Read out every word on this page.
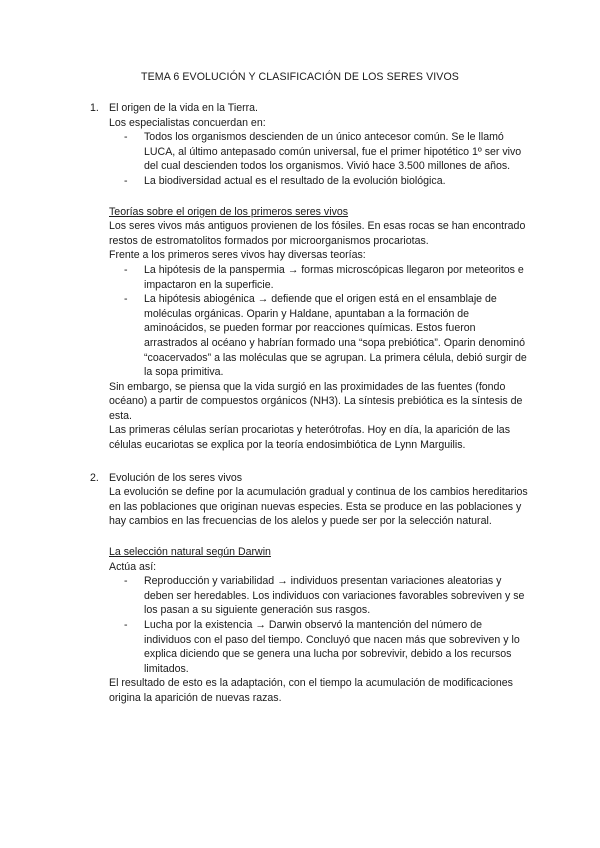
TEMA 6 EVOLUCIÓN Y CLASIFICACIÓN DE LOS SERES VIVOS
1. El origen de la vida en la Tierra.

Los especialistas concuerdan en:

- Todos los organismos descienden de un único antecesor común. Se le llamó LUCA, al último antepasado común universal, fue el primer hipotético 1º ser vivo del cual descienden todos los organismos. Vivió hace 3.500 millones de años.
- La biodiversidad actual es el resultado de la evolución biológica.

Teorías sobre el origen de los primeros seres vivos

Los seres vivos más antiguos provienen de los fósiles. En esas rocas se han encontrado restos de estromatolitos formados por microorganismos procariotas.

Frente a los primeros seres vivos hay diversas teorías:

- La hipótesis de la panspermia → formas microscópicas llegaron por meteoritos e impactaron en la superficie.
- La hipótesis abiogénica → defiende que el origen está en el ensamblaje de moléculas orgánicas. Oparin y Haldane, apuntaban a la formación de aminoácidos, se pueden formar por reacciones químicas. Estos fueron arrastrados al océano y habrían formado una “sopa prebiótica”. Oparin denominó “coacervados” a las moléculas que se agrupan. La primera célula, debió surgir de la sopa primitiva.

Sin embargo, se piensa que la vida surgió en las proximidades de las fuentes (fondo océano) a partir de compuestos orgánicos (NH3). La síntesis prebiótica es la síntesis de esta.

Las primeras células serían procariotas y heterótrofas. Hoy en día, la aparición de las células eucariotas se explica por la teoría endosimbiótica de Lynn Marguilis.

2. Evolución de los seres vivos

La evolución se define por la acumulación gradual y continua de los cambios hereditarios en las poblaciones que originan nuevas especies. Esta se produce en las poblaciones y hay cambios en las frecuencias de los alelos y puede ser por la selección natural.

La selección natural según Darwin

Actúa así:

- Reproducción y variabilidad → individuos presentan variaciones aleatorias y deben ser heredables. Los individuos con variaciones favorables sobreviven y se los pasan a su siguiente generación sus rasgos.
- Lucha por la existencia → Darwin observó la mantención del número de individuos con el paso del tiempo. Concluyó que nacen más que sobreviven y lo explica diciendo que se genera una lucha por sobrevivir, debido a los recursos limitados.

El resultado de esto es la adaptación, con el tiempo la acumulación de modificaciones origina la aparición de nuevas razas.
